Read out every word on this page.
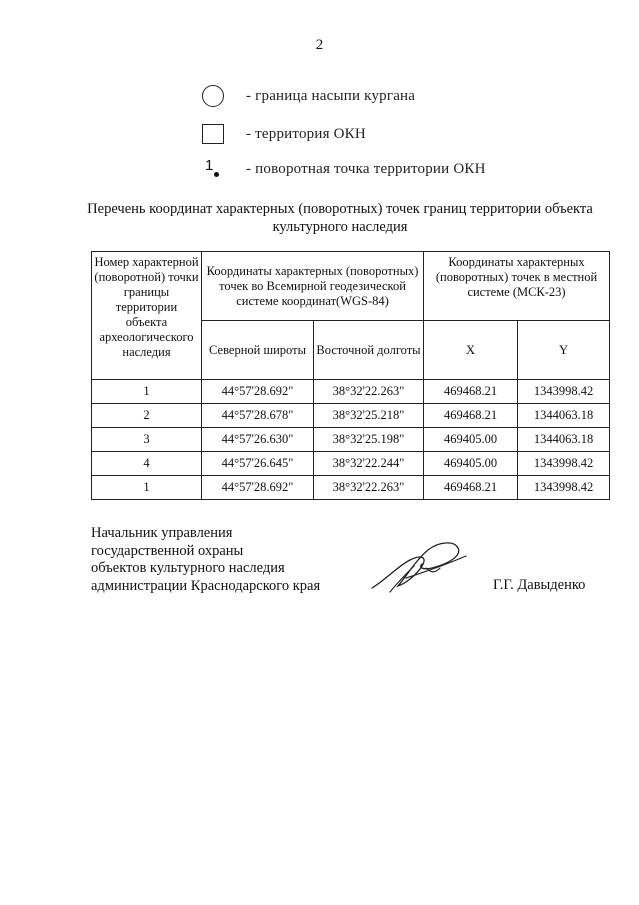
2
- граница насыпи кургана
- территория ОКН
1	- поворотная точка территории ОКН
Перечень координат характерных (поворотных) точек границ территории объекта культурного наследия
Номер характерной (поворотной) точки границы территории объекта археологического наследия	Координаты характерных (поворотных) точек во Всемирной геодезической системе координат(WGS-84)		Координаты характерных (поворотных) точек в местной системе (МСК-23)	
	Северной широты	Восточной долготы	X	Y
1	44°57'28.692"	38°32'22.263"	469468.21	1343998.42
2	44°57'28.678"	38°32'25.218"	469468.21	1344063.18
3	44°57'26.630"	38°32'25.198"	469405.00	1344063.18
4	44°57'26.645"	38°32'22.244"	469405.00	1343998.42
1	44°57'28.692"	38°32'22.263"	469468.21	1343998.42
Начальник управления
государственной охраны
объектов культурного наследия
администрации Краснодарского края	Г.Г. Давыденко
